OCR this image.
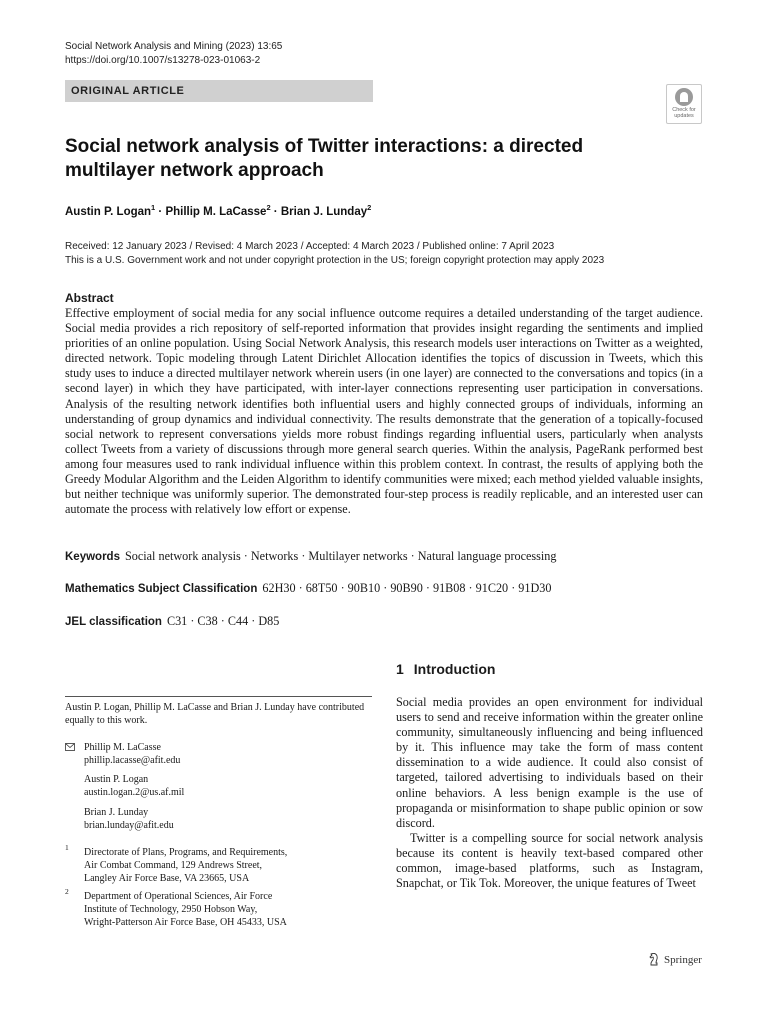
Social Network Analysis and Mining (2023) 13:65
https://doi.org/10.1007/s13278-023-01063-2
ORIGINAL ARTICLE
Check for updates
Social network analysis of Twitter interactions: a directed multilayer network approach
Austin P. Logan$^1$ · Phillip M. LaCasse$^2$ · Brian J. Lunday$^2$
Received: 12 January 2023 / Revised: 4 March 2023 / Accepted: 4 March 2023 / Published online: 7 April 2023
This is a U.S. Government work and not under copyright protection in the US; foreign copyright protection may apply 2023
Abstract
Effective employment of social media for any social influence outcome requires a detailed understanding of the target audience. Social media provides a rich repository of self-reported information that provides insight regarding the sentiments and implied priorities of an online population. Using Social Network Analysis, this research models user interactions on Twitter as a weighted, directed network. Topic modeling through Latent Dirichlet Allocation identifies the topics of discussion in Tweets, which this study uses to induce a directed multilayer network wherein users (in one layer) are connected to the conversations and topics (in a second layer) in which they have participated, with inter-layer connections representing user participation in conversations. Analysis of the resulting network identifies both influential users and highly connected groups of individuals, informing an understanding of group dynamics and individual connectivity. The results demonstrate that the generation of a topically-focused social network to represent conversations yields more robust findings regarding influential users, particularly when analysts collect Tweets from a variety of discussions through more general search queries. Within the analysis, PageRank performed best among four measures used to rank individual influence within this problem context. In contrast, the results of applying both the Greedy Modular Algorithm and the Leiden Algorithm to identify communities were mixed; each method yielded valuable insights, but neither technique was uniformly superior. The demonstrated four-step process is readily replicable, and an interested user can automate the process with relatively low effort or expense.
Keywords Social network analysis · Networks · Multilayer networks · Natural language processing
Mathematics Subject Classification 62H30 · 68T50 · 90B10 · 90B90 · 91B08 · 91C20 · 91D30
JEL classification C31 · C38 · C44 · D85
1 Introduction

Social media provides an open environment for individual users to send and receive information within the greater online community, simultaneously influencing and being influenced by it. This influence may take the form of mass content dissemination to a wide audience. It could also consist of targeted, tailored advertising to individuals based on their online behaviors. A less benign example is the use of propaganda or misinformation to shape public opinion or sow discord.

Twitter is a compelling source for social network analysis because its content is heavily text-based compared other common, image-based platforms, such as Instagram, Snapchat, or Tik Tok. Moreover, the unique features of Tweet

Austin P. Logan, Phillip M. LaCasse and Brian J. Lunday have contributed equally to this work.
Phillip M. LaCasse
phillip.lacasse@afit.edu
Austin P. Logan
austin.logan.2@us.af.mil
Brian J. Lunday
brian.lunday@afit.edu
1 Directorate of Plans, Programs, and Requirements,
Air Combat Command, 129 Andrews Street,
Langley Air Force Base, VA 23665, USA
2 Department of Operational Sciences, Air Force
Institute of Technology, 2950 Hobson Way,
Wright-Patterson Air Force Base, OH 45433, USA
Springer
